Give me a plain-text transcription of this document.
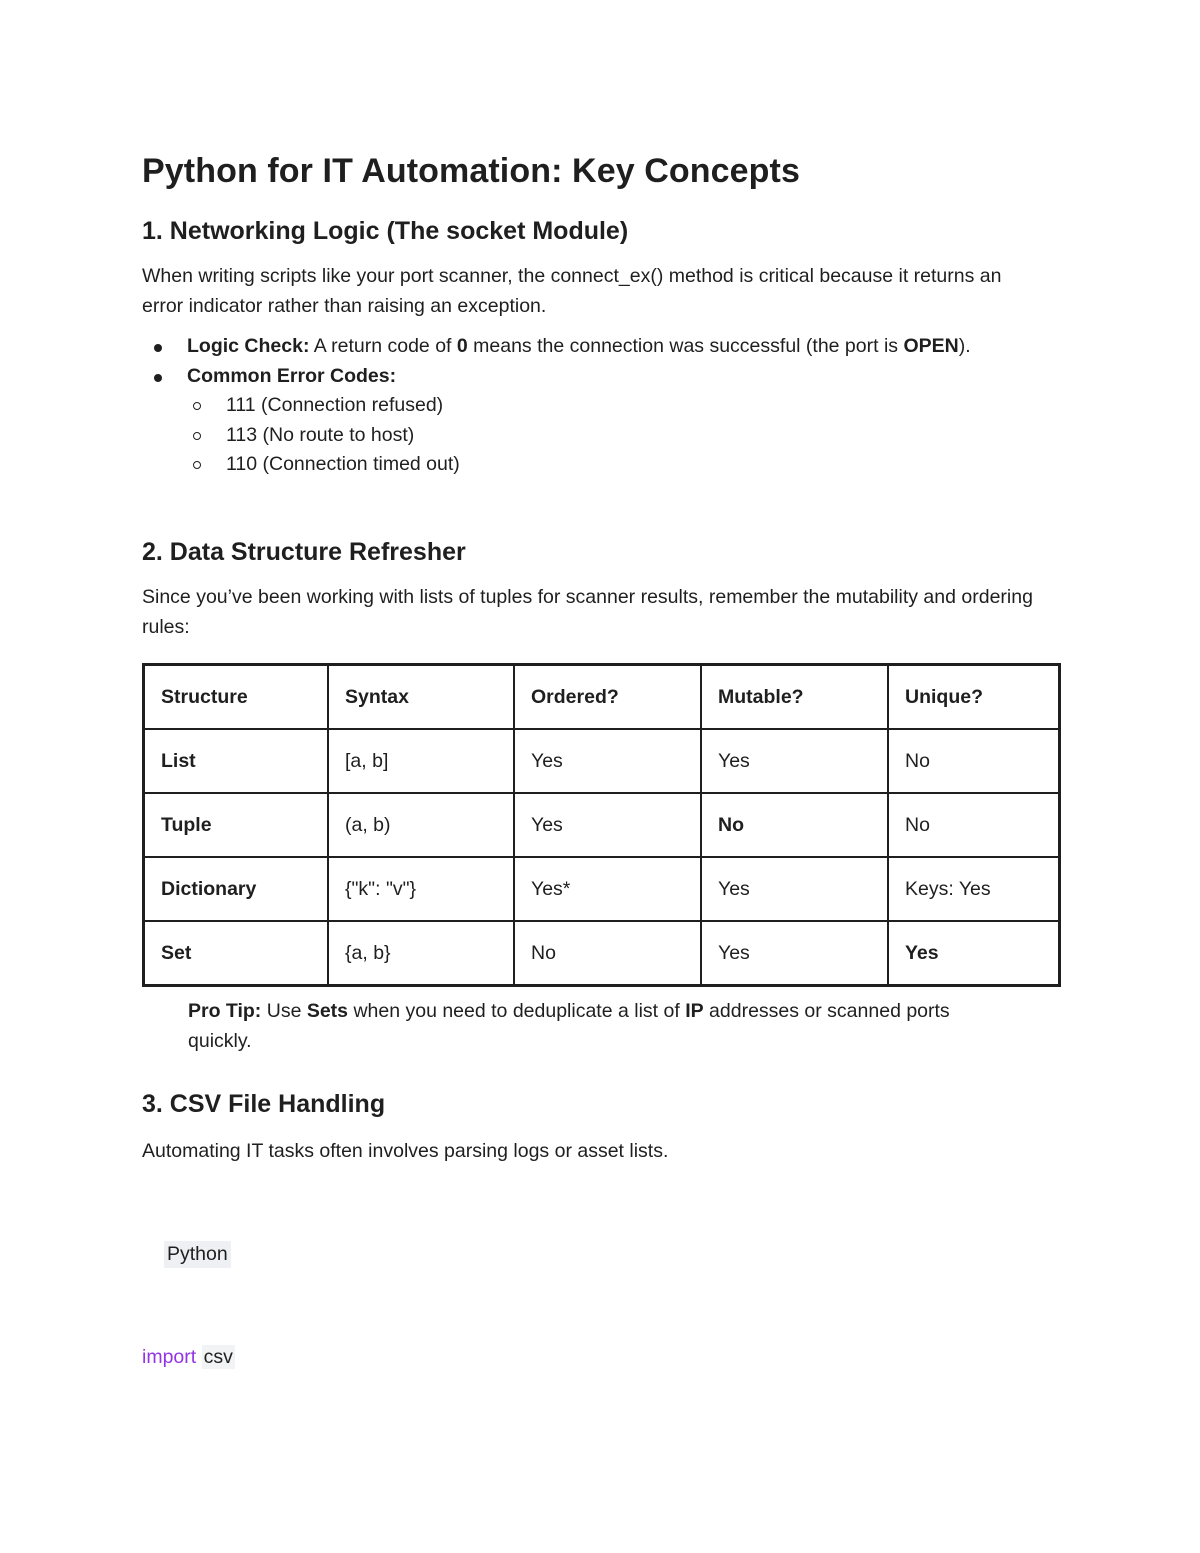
Python for IT Automation: Key Concepts
1. Networking Logic (The socket Module)

When writing scripts like your port scanner, the connect_ex() method is critical because it returns an error indicator rather than raising an exception.

Logic Check: A return code of 0 means the connection was successful (the port is OPEN).
Common Error Codes:
111 (Connection refused)
113 (No route to host)
110 (Connection timed out)
2. Data Structure Refresher

Since you’ve been working with lists of tuples for scanner results, remember the mutability and ordering rules:

Structure	Syntax	Ordered?	Mutable?	Unique?
List	[a, b]	Yes	Yes	No
Tuple	(a, b)	Yes	No	No
Dictionary	{"k": "v"}	Yes*	Yes	Keys: Yes
Set	{a, b}	No	Yes	Yes

Pro Tip: Use Sets when you need to deduplicate a list of IP addresses or scanned ports quickly.

3. CSV File Handling

Automating IT tasks often involves parsing logs or asset lists.

Python
import csv
